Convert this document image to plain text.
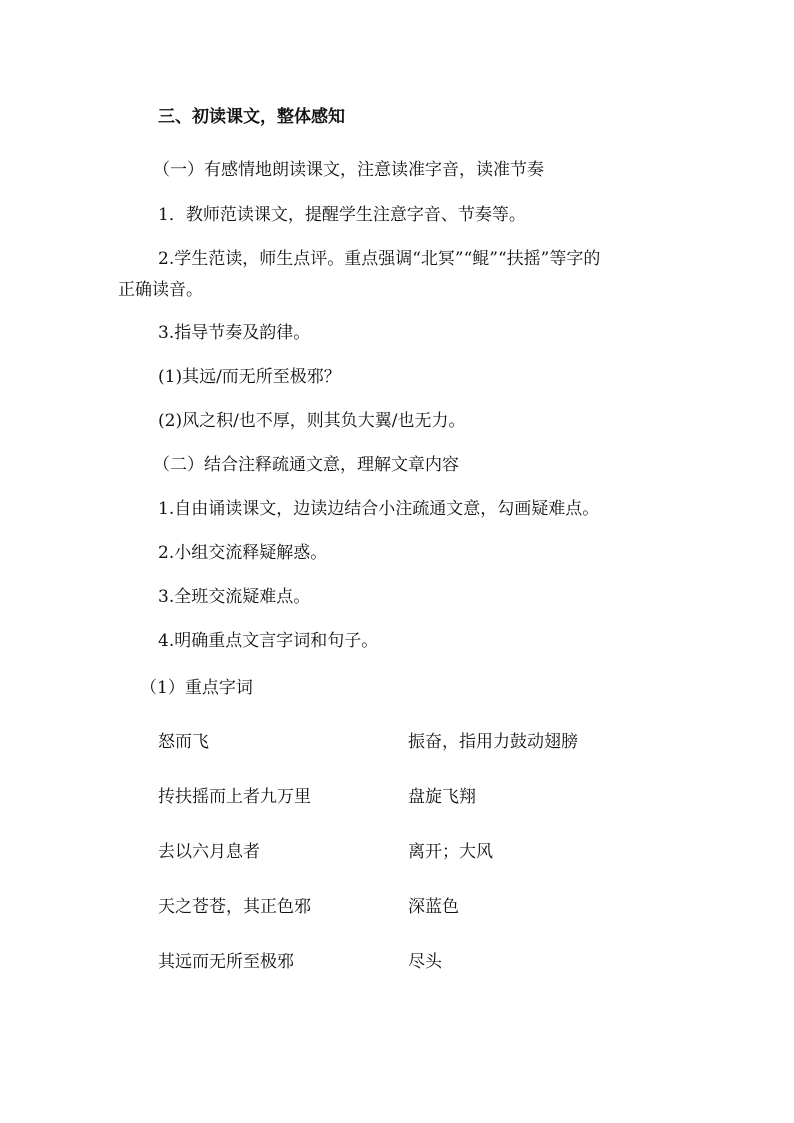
三、初读课文，整体感知
（一）有感情地朗读课文，注意读准字音，读准节奏
1．教师范读课文，提醒学生注意字音、节奏等。
2.学生范读，师生点评。重点强调“北冥”“鲲”“扶摇”等字的
正确读音。
3.指导节奏及韵律。
(1)其远/而无所至极邪？
(2)风之积/也不厚，则其负大翼/也无力。
（二）结合注释疏通文意，理解文章内容
1.自由诵读课文，边读边结合小注疏通文意，勾画疑难点。
2.小组交流释疑解惑。
3.全班交流疑难点。
4.明确重点文言字词和句子。
（1）重点字词
怒而飞	振奋，指用力鼓动翅膀
抟扶摇而上者九万里	盘旋飞翔
去以六月息者	离开；大风
天之苍苍，其正色邪	深蓝色
其远而无所至极邪	尽头
